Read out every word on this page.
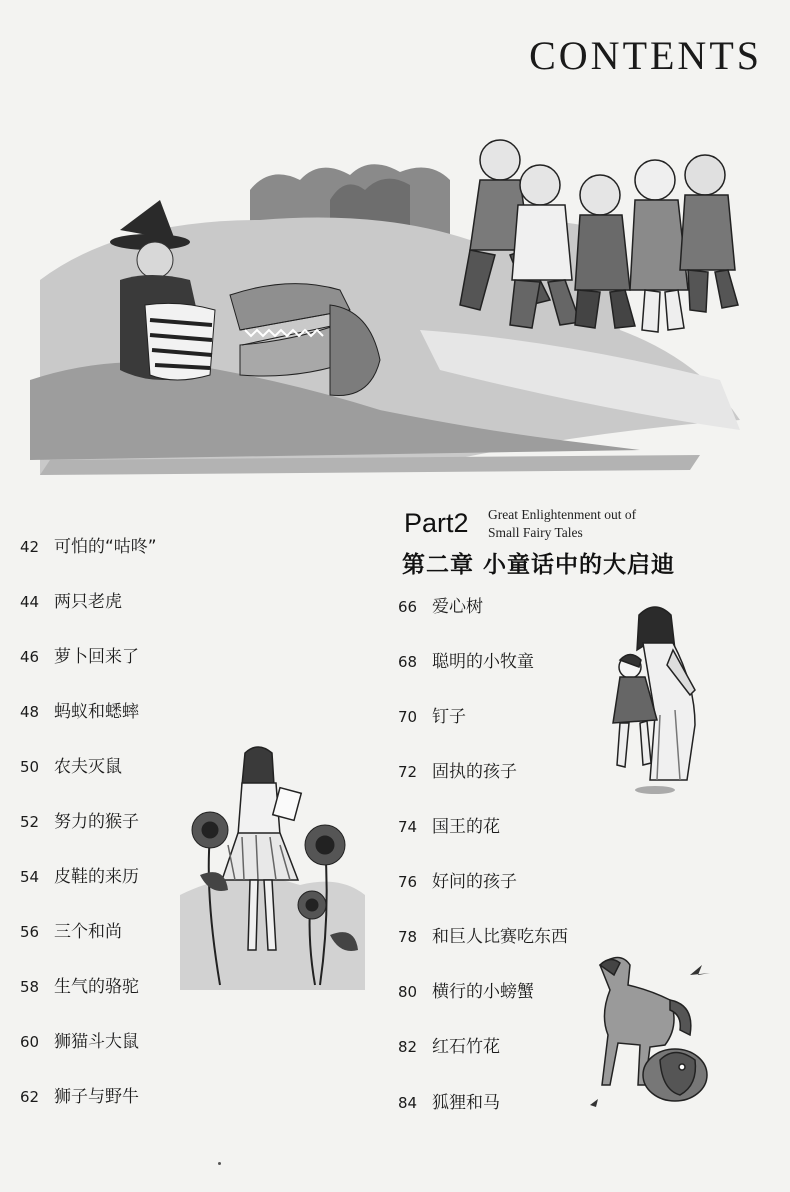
CONTENTS
Part2 Great Enlightenment out of
Small Fairy Tales
第二章 小童话中的大启迪
42 可怕的“咕咚”
44 两只老虎
46 萝卜回来了
48 蚂蚁和蟋蟀
50 农夫灭鼠
52 努力的猴子
54 皮鞋的来历
56 三个和尚
58 生气的骆驼
60 狮猫斗大鼠
62 狮子与野牛
66 爱心树
68 聪明的小牧童
70 钉子
72 固执的孩子
74 国王的花
76 好问的孩子
78 和巨人比赛吃东西
80 横行的小螃蟹
82 红石竹花
84 狐狸和马
